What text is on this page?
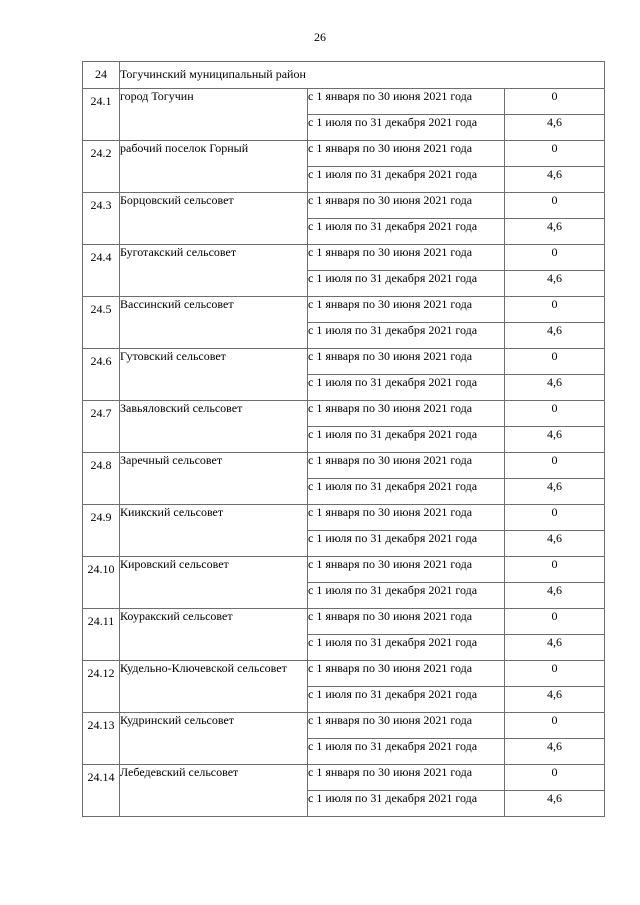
26
24	Тогучинский муниципальный район		
24.1	город Тогучин	с 1 января по 30 июня 2021 года	0
		с 1 июля по 31 декабря 2021 года	4,6
24.2	рабочий поселок Горный	с 1 января по 30 июня 2021 года	0
		с 1 июля по 31 декабря 2021 года	4,6
24.3	Борцовский сельсовет	с 1 января по 30 июня 2021 года	0
		с 1 июля по 31 декабря 2021 года	4,6
24.4	Буготакский сельсовет	с 1 января по 30 июня 2021 года	0
		с 1 июля по 31 декабря 2021 года	4,6
24.5	Вассинский сельсовет	с 1 января по 30 июня 2021 года	0
		с 1 июля по 31 декабря 2021 года	4,6
24.6	Гутовский сельсовет	с 1 января по 30 июня 2021 года	0
		с 1 июля по 31 декабря 2021 года	4,6
24.7	Завьяловский сельсовет	с 1 января по 30 июня 2021 года	0
		с 1 июля по 31 декабря 2021 года	4,6
24.8	Заречный сельсовет	с 1 января по 30 июня 2021 года	0
		с 1 июля по 31 декабря 2021 года	4,6
24.9	Киикский сельсовет	с 1 января по 30 июня 2021 года	0
		с 1 июля по 31 декабря 2021 года	4,6
24.10	Кировский сельсовет	с 1 января по 30 июня 2021 года	0
		с 1 июля по 31 декабря 2021 года	4,6
24.11	Коуракский сельсовет	с 1 января по 30 июня 2021 года	0
		с 1 июля по 31 декабря 2021 года	4,6
24.12	Кудельно-Ключевской сельсовет	с 1 января по 30 июня 2021 года	0
		с 1 июля по 31 декабря 2021 года	4,6
24.13	Кудринский сельсовет	с 1 января по 30 июня 2021 года	0
		с 1 июля по 31 декабря 2021 года	4,6
24.14	Лебедевский сельсовет	с 1 января по 30 июня 2021 года	0
		с 1 июля по 31 декабря 2021 года	4,6
